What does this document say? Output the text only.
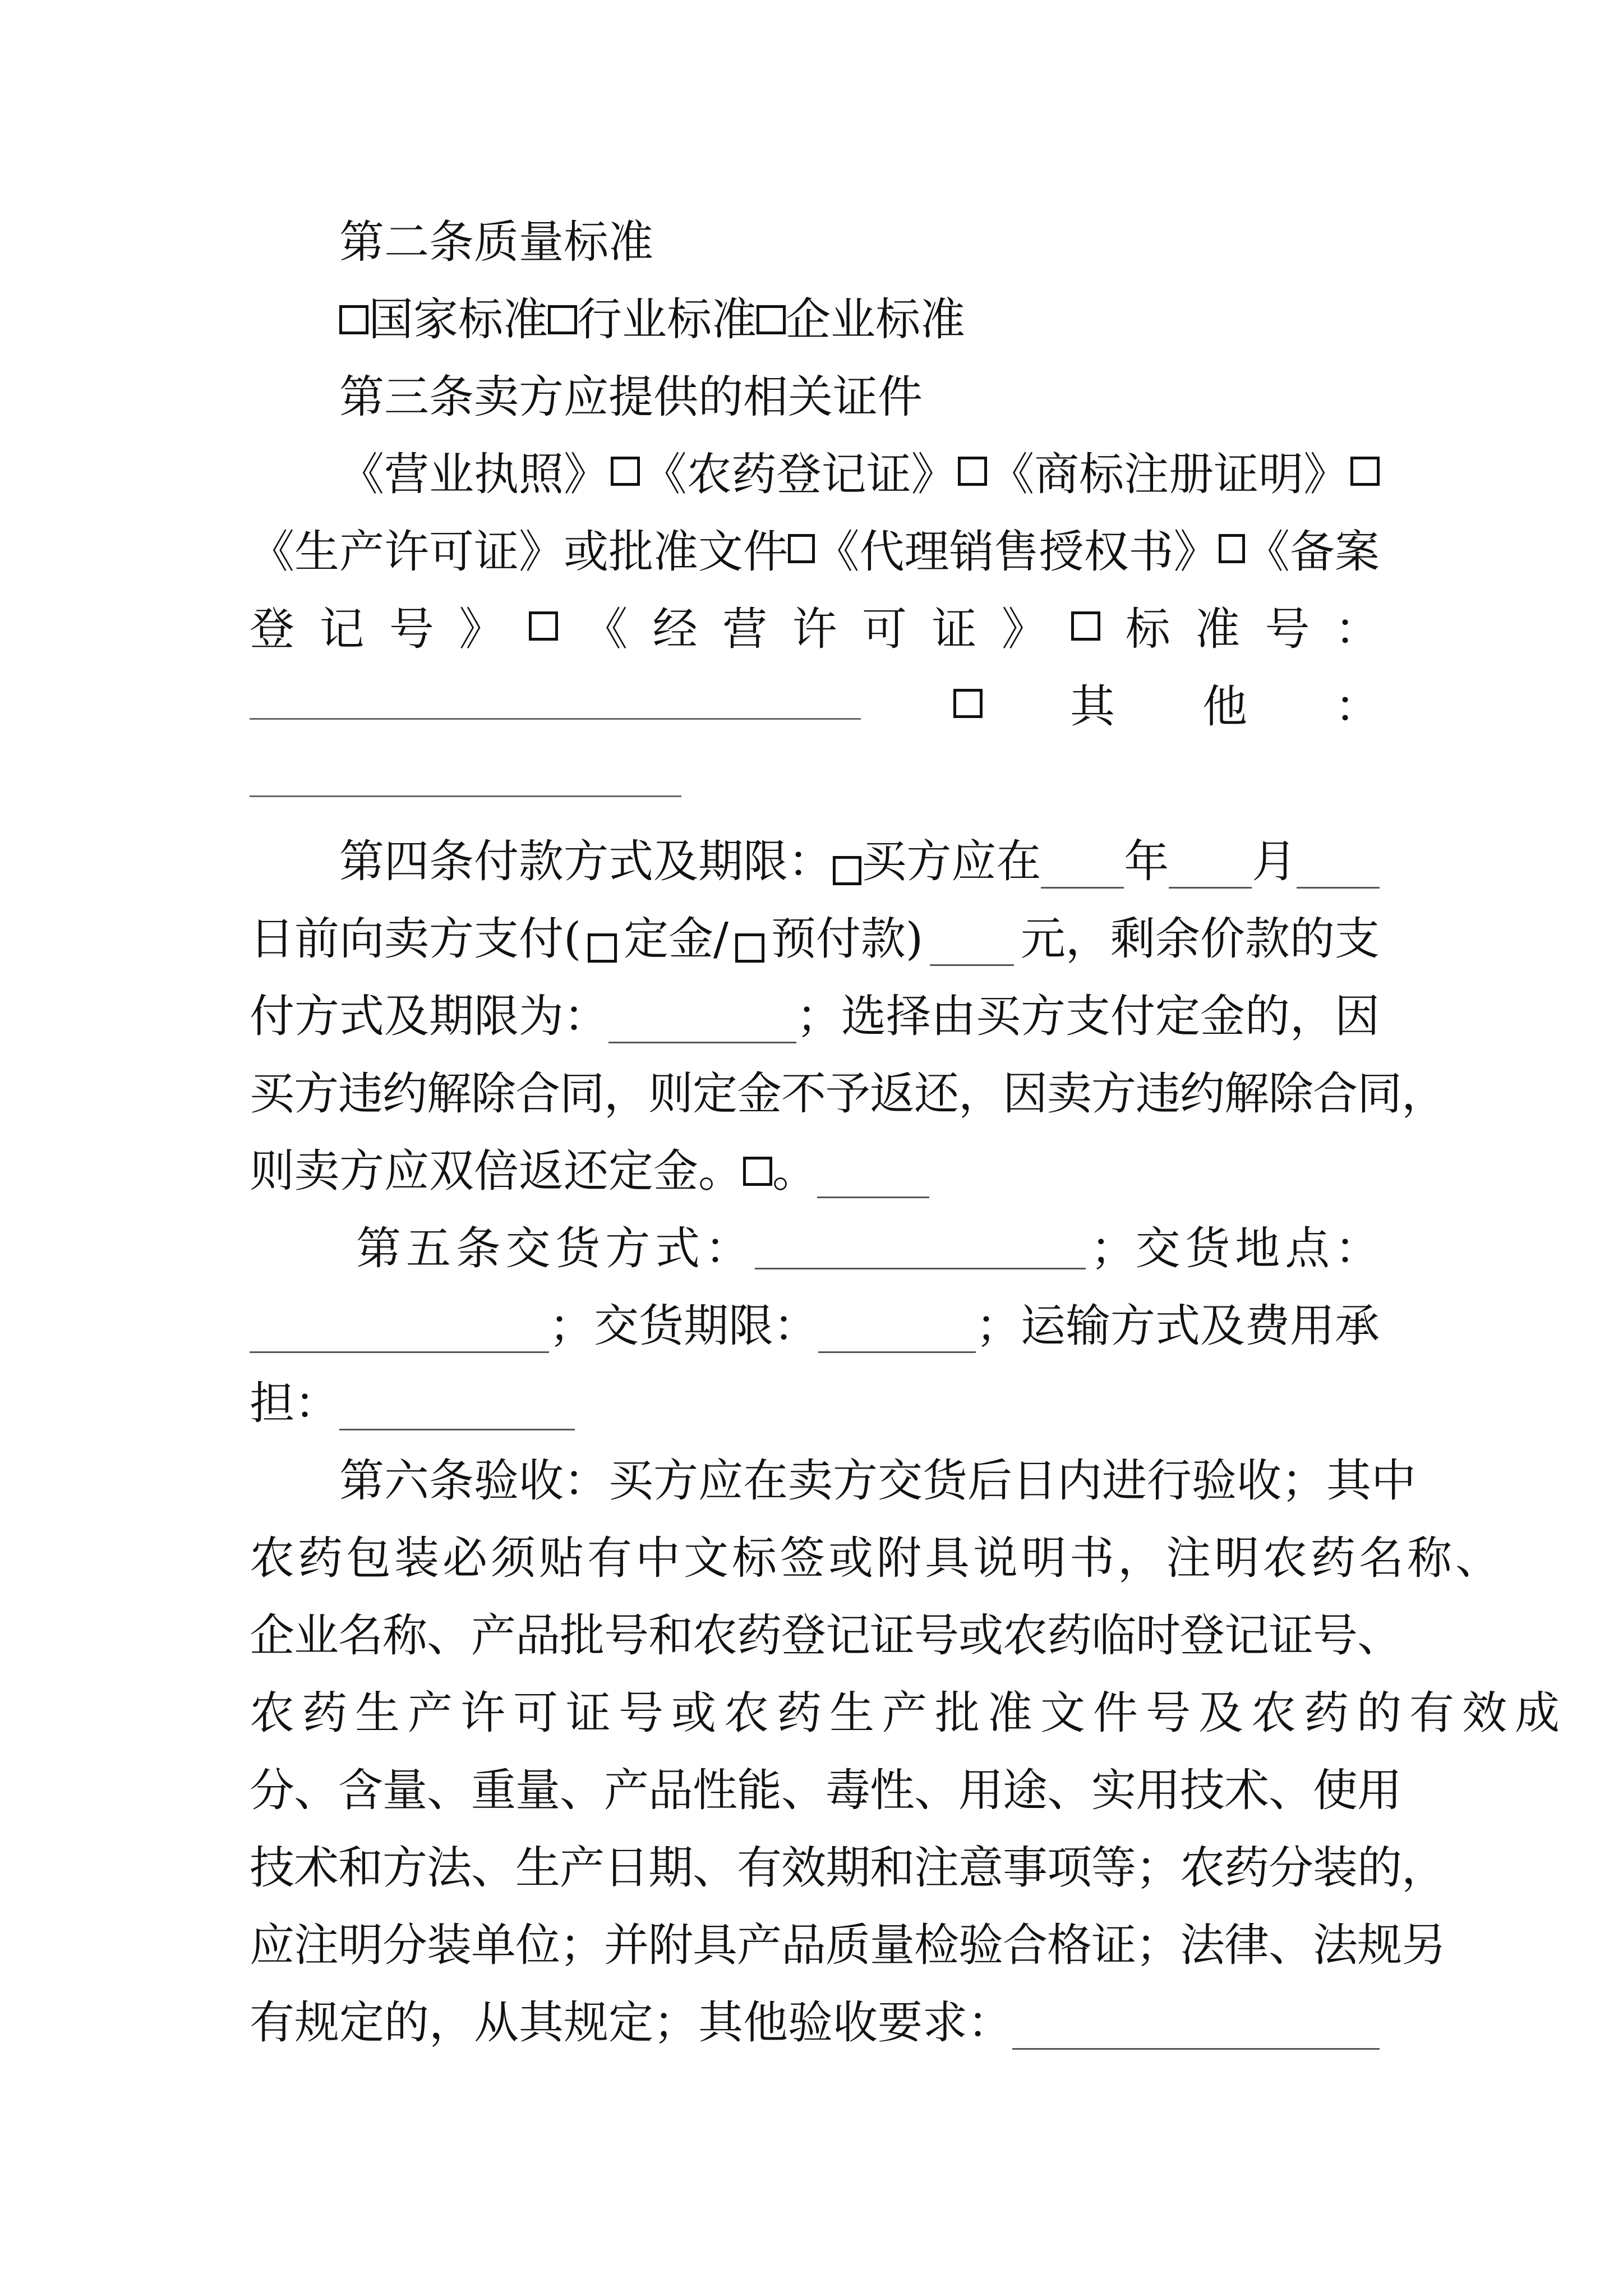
第二条质量标准
国家标准 行业标准 企业标准
第三条卖方应提供的相关证件
《营业执照》 《农药登记证》 《商标注册证明》
《生产许可证》或批准文件 《代理销售授权书》 《备案
登 记 号 》 《 经 营 许 可 证 》 标 准 号 ：
其 他 ：
第四条付款方式及期限： 买方应在 年 月
日前向卖方支付( 定金/ 预付款) 元，剩余价款的支
付方式及期限为：	；选择由买方支付定金的，因
买方违约解除合同，则定金不予返还，因卖方违约解除合同，
则卖方应双倍返还定金。 。
第 五 条 交 货 方 式 ：	；交 货 地 点 ：
；交货期限：	；运输方式及费用承
担：
第六条验收：买方应在卖方交货后日内进行验收；其中
农药包装必须贴有中文标签或附具说明书，注明农药名称、
企业名称、产品批号和农药登记证号或农药临时登记证号、
农药生产许可证号或农药生产批准文件号及农药的有效成
分、含量、重量、产品性能、毒性、用途、实用技术、使用
技术和方法、生产日期、有效期和注意事项等；农药分装的，
应注明分装单位；并附具产品质量检验合格证；法律、法规另
有规定的，从其规定；其他验收要求：
